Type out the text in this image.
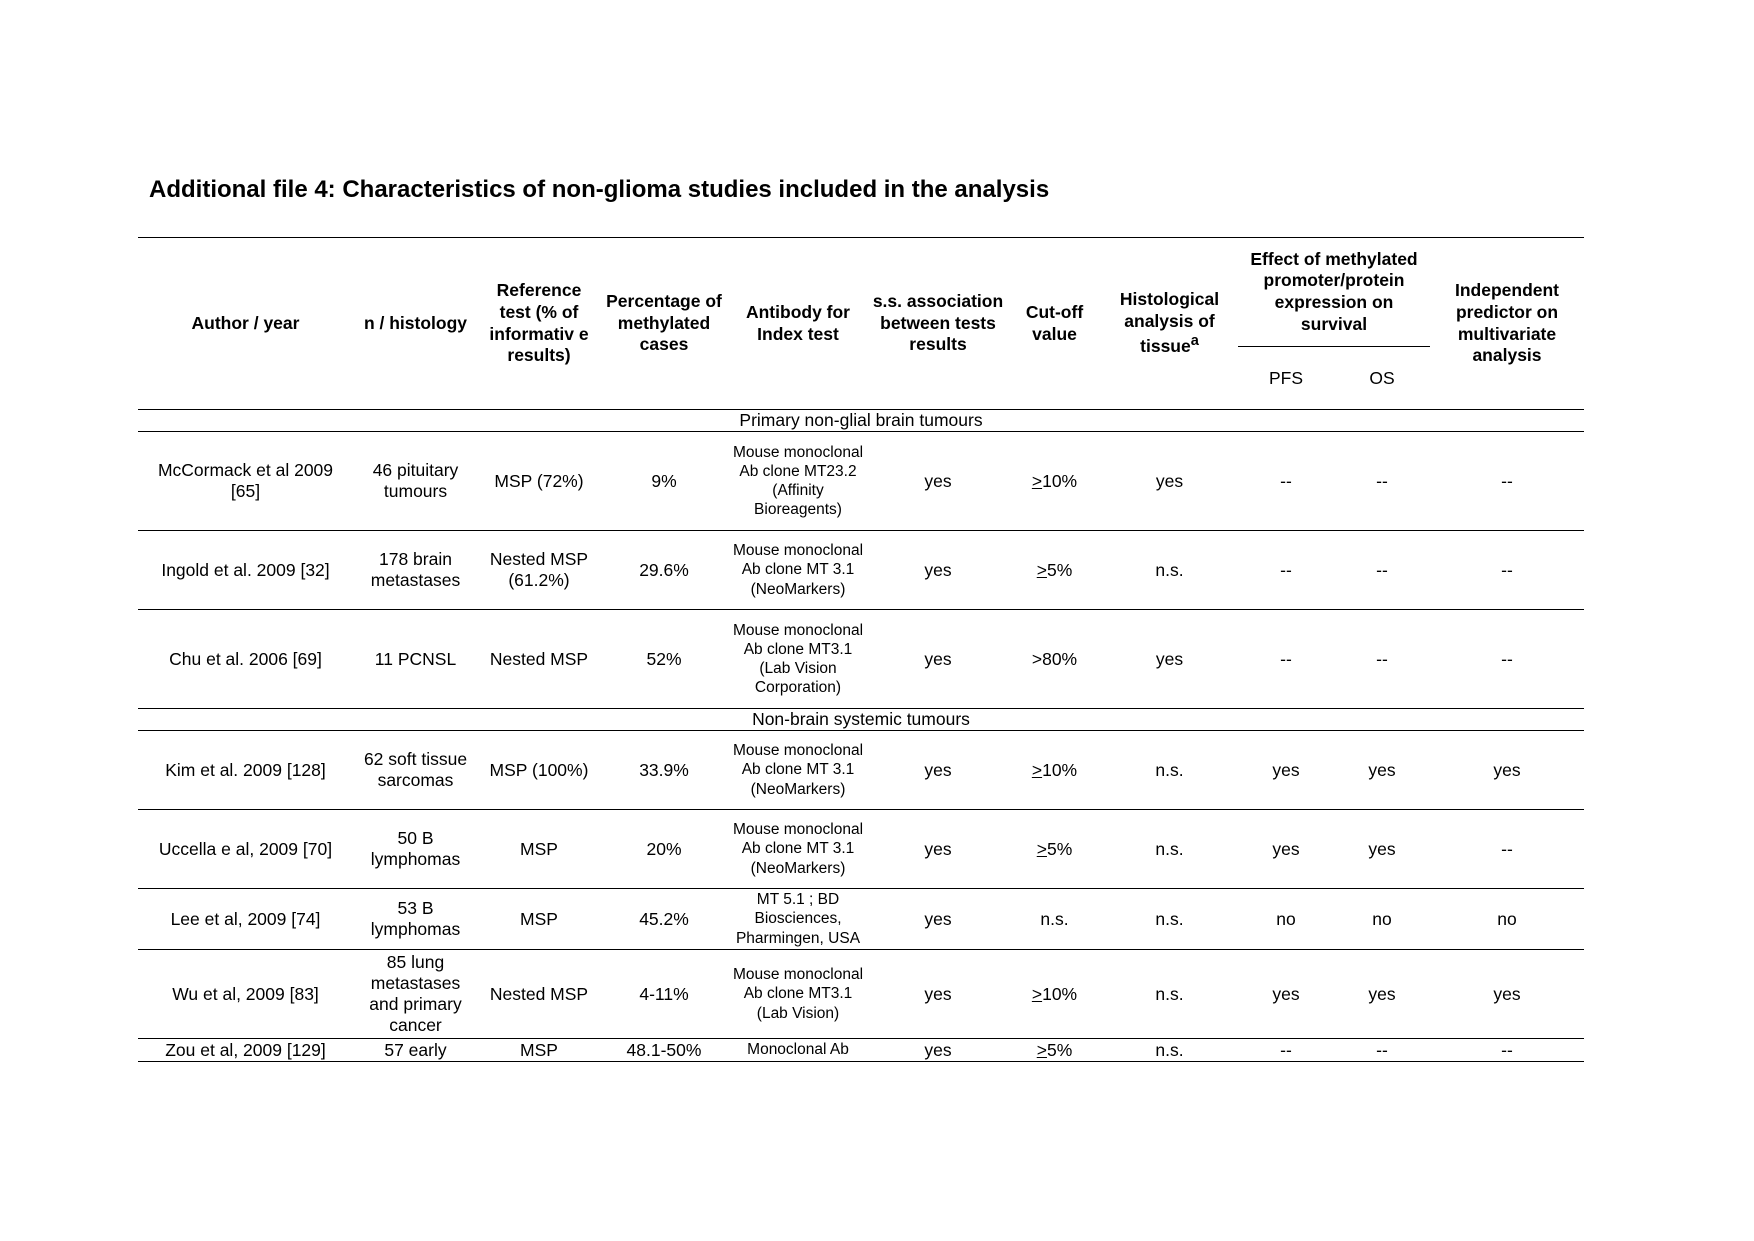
Additional file 4: Characteristics of non-glioma studies included in the analysis
Author / year	n / histology	Reference test (% of informativ e results)	Percentage of methylated cases	Antibody for Index test	s.s. association between tests results	Cut-off value	Histological analysis of tissue$^a$	Effect of methylated promoter/protein expression on survival		Independent predictor on multivariate analysis
								PFS	OS	
Primary non-glial brain tumours										
McCormack et al 2009 [65]	46 pituitary tumours	MSP (72%)	9%	Mouse monoclonal Ab clone MT23.2 (Affinity Bioreagents)	yes	>10%	yes	--	--	--
Ingold et al. 2009 [32]	178 brain metastases	Nested MSP (61.2%)	29.6%	Mouse monoclonal Ab clone MT 3.1 (NeoMarkers)	yes	>5%	n.s.	--	--	--
Chu et al. 2006 [69]	11 PCNSL	Nested MSP	52%	Mouse monoclonal Ab clone MT3.1 (Lab Vision Corporation)	yes	>80%	yes	--	--	--
Non-brain systemic tumours										
Kim et al. 2009 [128]	62 soft tissue sarcomas	MSP (100%)	33.9%	Mouse monoclonal Ab clone MT 3.1 (NeoMarkers)	yes	>10%	n.s.	yes	yes	yes
Uccella e al, 2009 [70]	50 B lymphomas	MSP	20%	Mouse monoclonal Ab clone MT 3.1 (NeoMarkers)	yes	>5%	n.s.	yes	yes	--
Lee et al, 2009 [74]	53 B lymphomas	MSP	45.2%	MT 5.1 ; BD Biosciences, Pharmingen, USA	yes	n.s.	n.s.	no	no	no
Wu et al, 2009 [83]	85 lung metastases and primary cancer	Nested MSP	4-11%	Mouse monoclonal Ab clone MT3.1 (Lab Vision)	yes	>10%	n.s.	yes	yes	yes
Zou et al, 2009 [129]	57 early	MSP	48.1-50%	Monoclonal Ab	yes	>5%	n.s.	--	--	--
